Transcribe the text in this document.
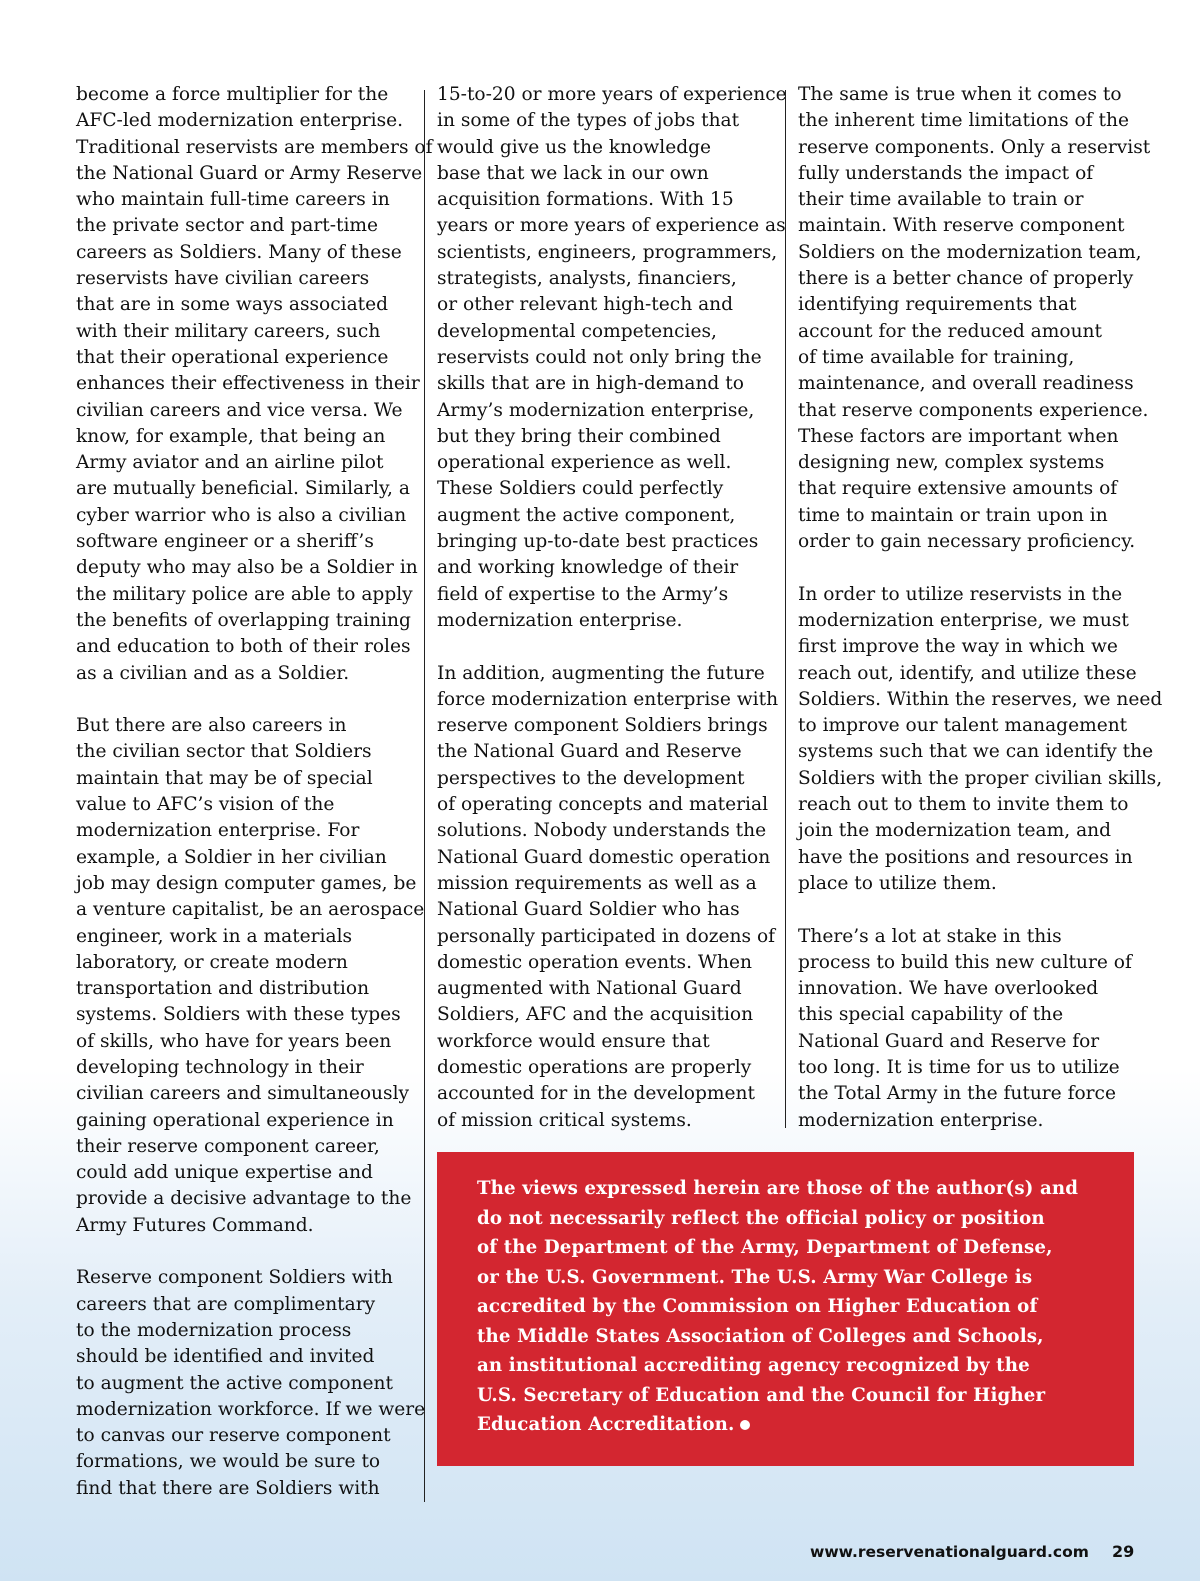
become a force multiplier for the
AFC-led modernization enterprise.
Traditional reservists are members of
the National Guard or Army Reserve
who maintain full-time careers in
the private sector and part-time
careers as Soldiers. Many of these
reservists have civilian careers
that are in some ways associated
with their military careers, such
that their operational experience
enhances their effectiveness in their
civilian careers and vice versa. We
know, for example, that being an
Army aviator and an airline pilot
are mutually beneficial. Similarly, a
cyber warrior who is also a civilian
software engineer or a sheriff’s
deputy who may also be a Soldier in
the military police are able to apply
the benefits of overlapping training
and education to both of their roles
as a civilian and as a Soldier.

But there are also careers in
the civilian sector that Soldiers
maintain that may be of special
value to AFC’s vision of the
modernization enterprise. For
example, a Soldier in her civilian
job may design computer games, be
a venture capitalist, be an aerospace
engineer, work in a materials
laboratory, or create modern
transportation and distribution
systems. Soldiers with these types
of skills, who have for years been
developing technology in their
civilian careers and simultaneously
gaining operational experience in
their reserve component career,
could add unique expertise and
provide a decisive advantage to the
Army Futures Command.

Reserve component Soldiers with
careers that are complimentary
to the modernization process
should be identified and invited
to augment the active component
modernization workforce. If we were
to canvas our reserve component
formations, we would be sure to
find that there are Soldiers with

15-to-20 or more years of experience
in some of the types of jobs that
would give us the knowledge
base that we lack in our own
acquisition formations. With 15
years or more years of experience as
scientists, engineers, programmers,
strategists, analysts, financiers,
or other relevant high-tech and
developmental competencies,
reservists could not only bring the
skills that are in high-demand to
Army’s modernization enterprise,
but they bring their combined
operational experience as well.
These Soldiers could perfectly
augment the active component,
bringing up-to-date best practices
and working knowledge of their
field of expertise to the Army’s
modernization enterprise.

In addition, augmenting the future
force modernization enterprise with
reserve component Soldiers brings
the National Guard and Reserve
perspectives to the development
of operating concepts and material
solutions. Nobody understands the
National Guard domestic operation
mission requirements as well as a
National Guard Soldier who has
personally participated in dozens of
domestic operation events. When
augmented with National Guard
Soldiers, AFC and the acquisition
workforce would ensure that
domestic operations are properly
accounted for in the development
of mission critical systems.

The same is true when it comes to
the inherent time limitations of the
reserve components. Only a reservist
fully understands the impact of
their time available to train or
maintain. With reserve component
Soldiers on the modernization team,
there is a better chance of properly
identifying requirements that
account for the reduced amount
of time available for training,
maintenance, and overall readiness
that reserve components experience.
These factors are important when
designing new, complex systems
that require extensive amounts of
time to maintain or train upon in
order to gain necessary proficiency.

In order to utilize reservists in the
modernization enterprise, we must
first improve the way in which we
reach out, identify, and utilize these
Soldiers. Within the reserves, we need
to improve our talent management
systems such that we can identify the
Soldiers with the proper civilian skills,
reach out to them to invite them to
join the modernization team, and
have the positions and resources in
place to utilize them.

There’s a lot at stake in this
process to build this new culture of
innovation. We have overlooked
this special capability of the
National Guard and Reserve for
too long. It is time for us to utilize
the Total Army in the future force
modernization enterprise.

The views expressed herein are those of the author(s) and
do not necessarily reflect the official policy or position
of the Department of the Army, Department of Defense,
or the U.S. Government. The U.S. Army War College is
accredited by the Commission on Higher Education of
the Middle States Association of Colleges and Schools,
an institutional accrediting agency recognized by the
U.S. Secretary of Education and the Council for Higher
Education Accreditation.
www.reservenationalguard.com 29
